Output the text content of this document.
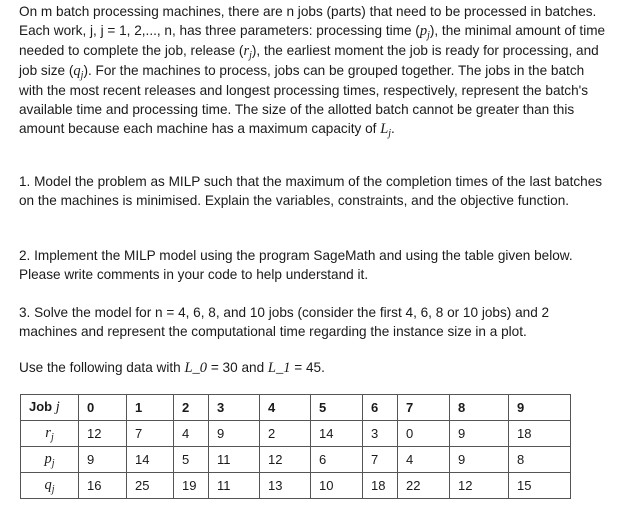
On m batch processing machines, there are n jobs (parts) that need to be processed in batches. Each work, j, j = 1, 2,..., n, has three parameters: processing time $(p_j)$, the minimal amount of time needed to complete the job, release $(r_j)$, the earliest moment the job is ready for processing, and job size $(q_j)$. For the machines to process, jobs can be grouped together. The jobs in the batch with the most recent releases and longest processing times, respectively, represent the batch's available time and processing time. The size of the allotted batch cannot be greater than this amount because each machine has a maximum capacity of $L_j$.

1. Model the problem as MILP such that the maximum of the completion times of the last batches on the machines is minimised. Explain the variables, constraints, and the objective function.

2. Implement the MILP model using the program SageMath and using the table given below. Please write comments in your code to help understand it.

3. Solve the model for n = 4, 6, 8, and 10 jobs (consider the first 4, 6, 8 or 10 jobs) and 2 machines and represent the computational time regarding the instance size in a plot.

Use the following data with L_0 = 30 and L_1 = 45.

Job j	0	1	2	3	4	5	6	7	8	9
$r_j$	12	7	4	9	2	14	3	0	9	18
$p_j$	9	14	5	11	12	6	7	4	9	8
$q_j$	16	25	19	11	13	10	18	22	12	15
